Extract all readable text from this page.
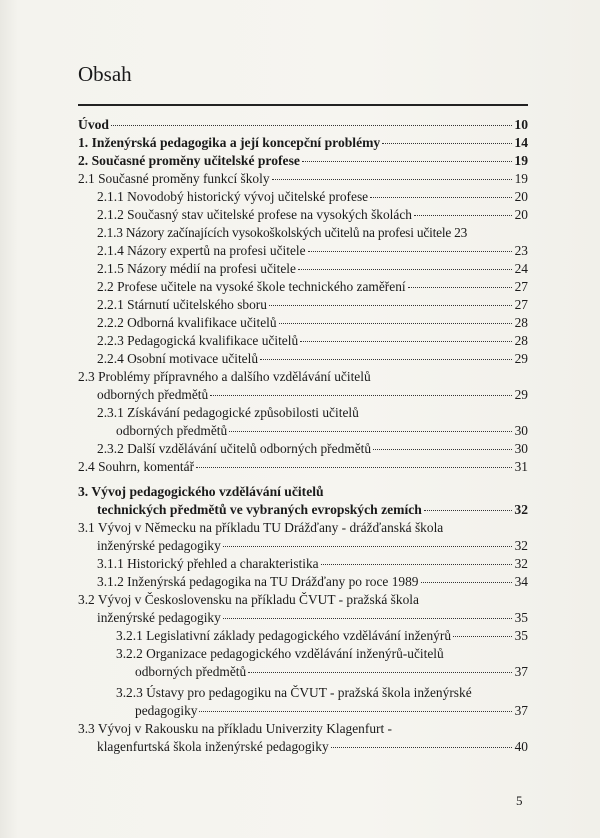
Obsah
Úvod	10
1. Inženýrská pedagogika a její koncepční problémy	14
2. Současné proměny učitelské profese	19
2.1 Současné proměny funkcí školy	19
2.1.1 Novodobý historický vývoj učitelské profese	20
2.1.2 Současný stav učitelské profese na vysokých školách	20
2.1.3 Názory začínajících vysokoškolských učitelů na profesi učitele 23
2.1.4 Názory expertů na profesi učitele	23
2.1.5 Názory médií na profesi učitele	24
2.2 Profese učitele na vysoké škole technického zaměření	27
2.2.1 Stárnutí učitelského sboru	27
2.2.2 Odborná kvalifikace učitelů	28
2.2.3 Pedagogická kvalifikace učitelů	28
2.2.4 Osobní motivace učitelů	29
2.3 Problémy přípravného a dalšího vzdělávání učitelů
odborných předmětů	29
2.3.1 Získávání pedagogické způsobilosti učitelů
odborných předmětů	30
2.3.2 Další vzdělávání učitelů odborných předmětů	30
2.4 Souhrn, komentář	31
3. Vývoj pedagogického vzdělávání učitelů
technických předmětů ve vybraných evropských zemích	32
3.1 Vývoj v Německu na příkladu TU Drážďany - drážďanská škola
inženýrské pedagogiky	32
3.1.1 Historický přehled a charakteristika	32
3.1.2 Inženýrská pedagogika na TU Drážďany po roce 1989	34
3.2 Vývoj v Československu na příkladu ČVUT - pražská škola
inženýrské pedagogiky	35
3.2.1 Legislativní základy pedagogického vzdělávání inženýrů	35
3.2.2 Organizace pedagogického vzdělávání inženýrů-učitelů
odborných předmětů	37
3.2.3 Ústavy pro pedagogiku na ČVUT - pražská škola inženýrské
pedagogiky	37
3.3 Vývoj v Rakousku na příkladu Univerzity Klagenfurt -
klagenfurtská škola inženýrské pedagogiky	40
5
